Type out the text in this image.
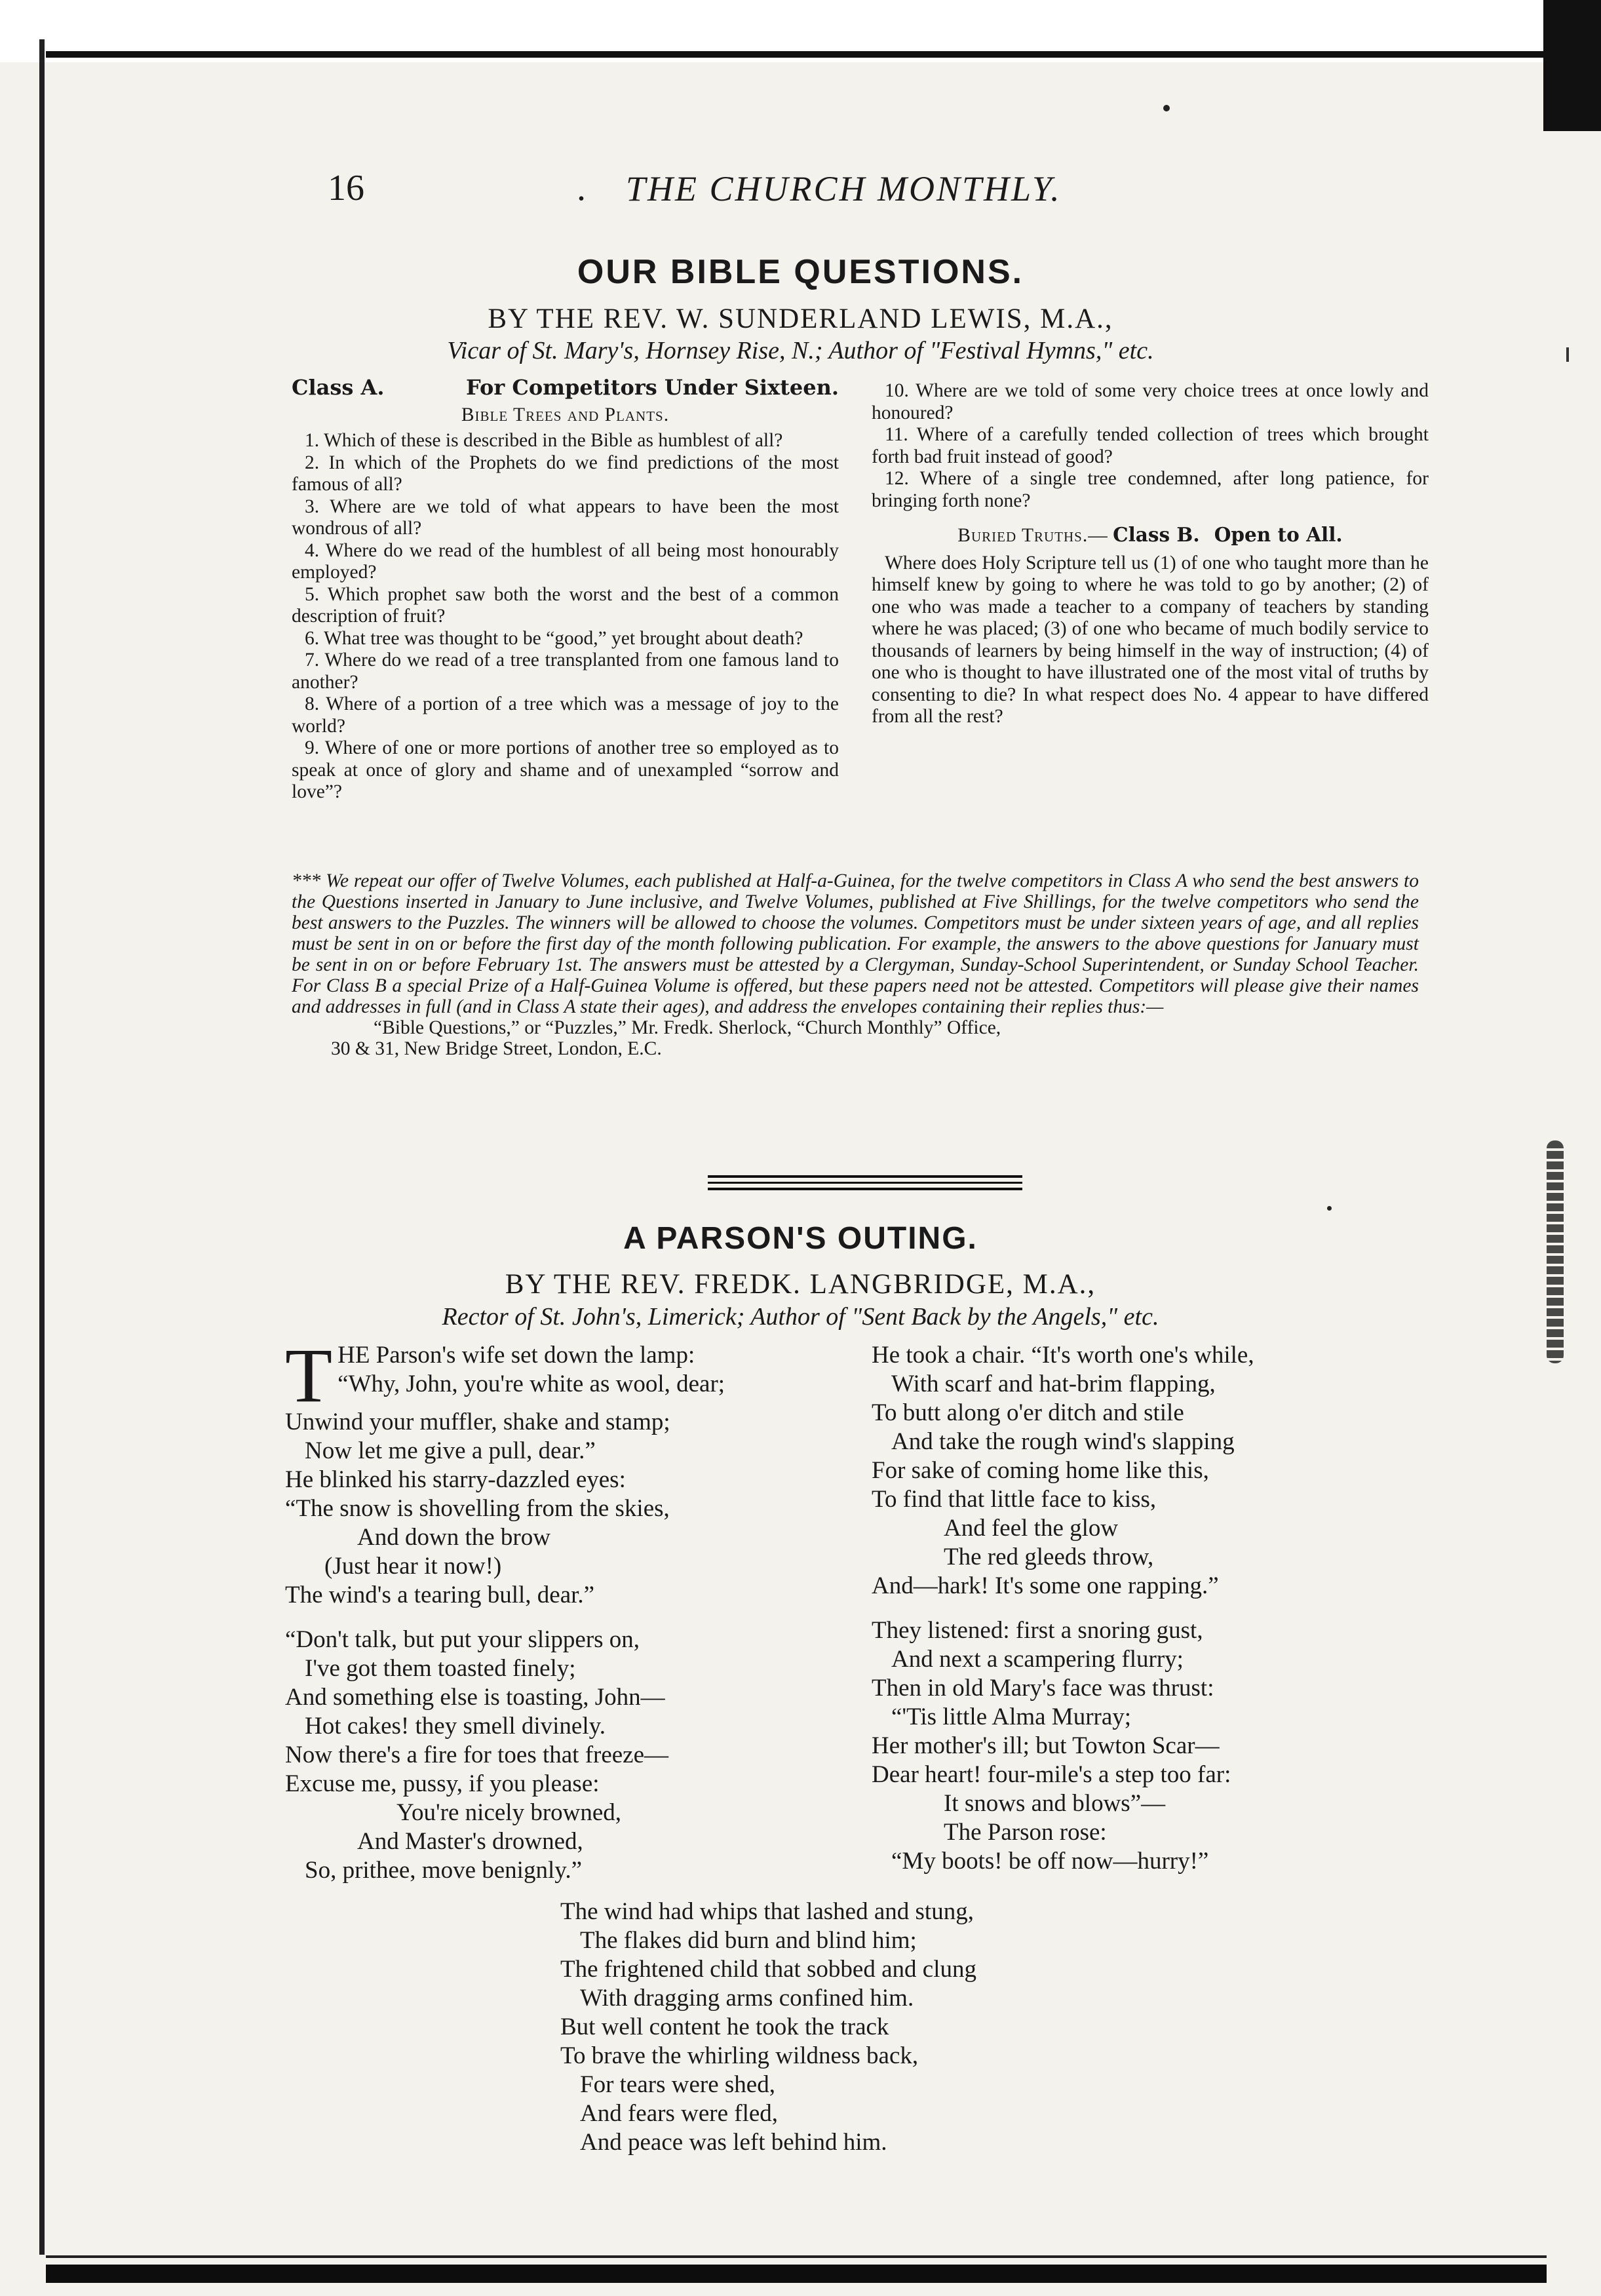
16	. THE CHURCH MONTHLY.
OUR BIBLE QUESTIONS.
BY THE REV. W. SUNDERLAND LEWIS, M.A.,
Vicar of St. Mary's, Hornsey Rise, N.; Author of "Festival Hymns," etc.
Class A.	For Competitors Under Sixteen.
Bible Trees and Plants.

1. Which of these is described in the Bible as humblest of all?

2. In which of the Prophets do we find predictions of the most famous of all?

3. Where are we told of what appears to have been the most wondrous of all?

4. Where do we read of the humblest of all being most honourably employed?

5. Which prophet saw both the worst and the best of a common description of fruit?

6. What tree was thought to be “good,” yet brought about death?

7. Where do we read of a tree transplanted from one famous land to another?

8. Where of a portion of a tree which was a message of joy to the world?

9. Where of one or more portions of another tree so employed as to speak at once of glory and shame and of unexampled “sorrow and love”?

10. Where are we told of some very choice trees at once lowly and honoured?

11. Where of a carefully tended collection of trees which brought forth bad fruit instead of good?

12. Where of a single tree condemned, after long patience, for bringing forth none?

Buried Truths.— Class B. Open to All.

Where does Holy Scripture tell us (1) of one who taught more than he himself knew by going to where he was told to go by another; (2) of one who was made a teacher to a company of teachers by standing where he was placed; (3) of one who became of much bodily service to thousands of learners by being himself in the way of instruction; (4) of one who is thought to have illustrated one of the most vital of truths by consenting to die? In what respect does No. 4 appear to have differed from all the rest?

*** We repeat our offer of Twelve Volumes, each published at Half-a-Guinea, for the twelve competitors in Class A who send the best answers to the Questions inserted in January to June inclusive, and Twelve Volumes, published at Five Shillings, for the twelve competitors who send the best answers to the Puzzles. The winners will be allowed to choose the volumes. Competitors must be under sixteen years of age, and all replies must be sent in on or before the first day of the month following publication. For example, the answers to the above questions for January must be sent in on or before February 1st. The answers must be attested by a Clergyman, Sunday-School Superintendent, or Sunday School Teacher. For Class B a special Prize of a Half-Guinea Volume is offered, but these papers need not be attested. Competitors will please give their names and addresses in full (and in Class A state their ages), and address the envelopes containing their replies thus:—

“Bible Questions,” or “Puzzles,” Mr. Fredk. Sherlock, “Church Monthly” Office,

30 & 31, New Bridge Street, London, E.C.

A PARSON'S OUTING.
BY THE REV. FREDK. LANGBRIDGE, M.A.,
Rector of St. John's, Limerick; Author of "Sent Back by the Angels," etc.
T HE Parson's wife set down the lamp:
“Why, John, you're white as wool, dear;
Unwind your muffler, shake and stamp;
Now let me give a pull, dear.”
He blinked his starry-dazzled eyes:
“The snow is shovelling from the skies,
And down the brow
(Just hear it now!)
The wind's a tearing bull, dear.”
“Don't talk, but put your slippers on,
I've got them toasted finely;
And something else is toasting, John—
Hot cakes! they smell divinely.
Now there's a fire for toes that freeze—
Excuse me, pussy, if you please:
You're nicely browned,
And Master's drowned,
So, prithee, move benignly.”
He took a chair. “It's worth one's while,
With scarf and hat-brim flapping,
To butt along o'er ditch and stile
And take the rough wind's slapping
For sake of coming home like this,
To find that little face to kiss,
And feel the glow
The red gleeds throw,
And—hark! It's some one rapping.”
They listened: first a snoring gust,
And next a scampering flurry;
Then in old Mary's face was thrust:
“'Tis little Alma Murray;
Her mother's ill; but Towton Scar—
Dear heart! four-mile's a step too far:
It snows and blows”—
The Parson rose:
“My boots! be off now—hurry!”
The wind had whips that lashed and stung,
The flakes did burn and blind him;
The frightened child that sobbed and clung
With dragging arms confined him.
But well content he took the track
To brave the whirling wildness back,
For tears were shed,
And fears were fled,
And peace was left behind him.
